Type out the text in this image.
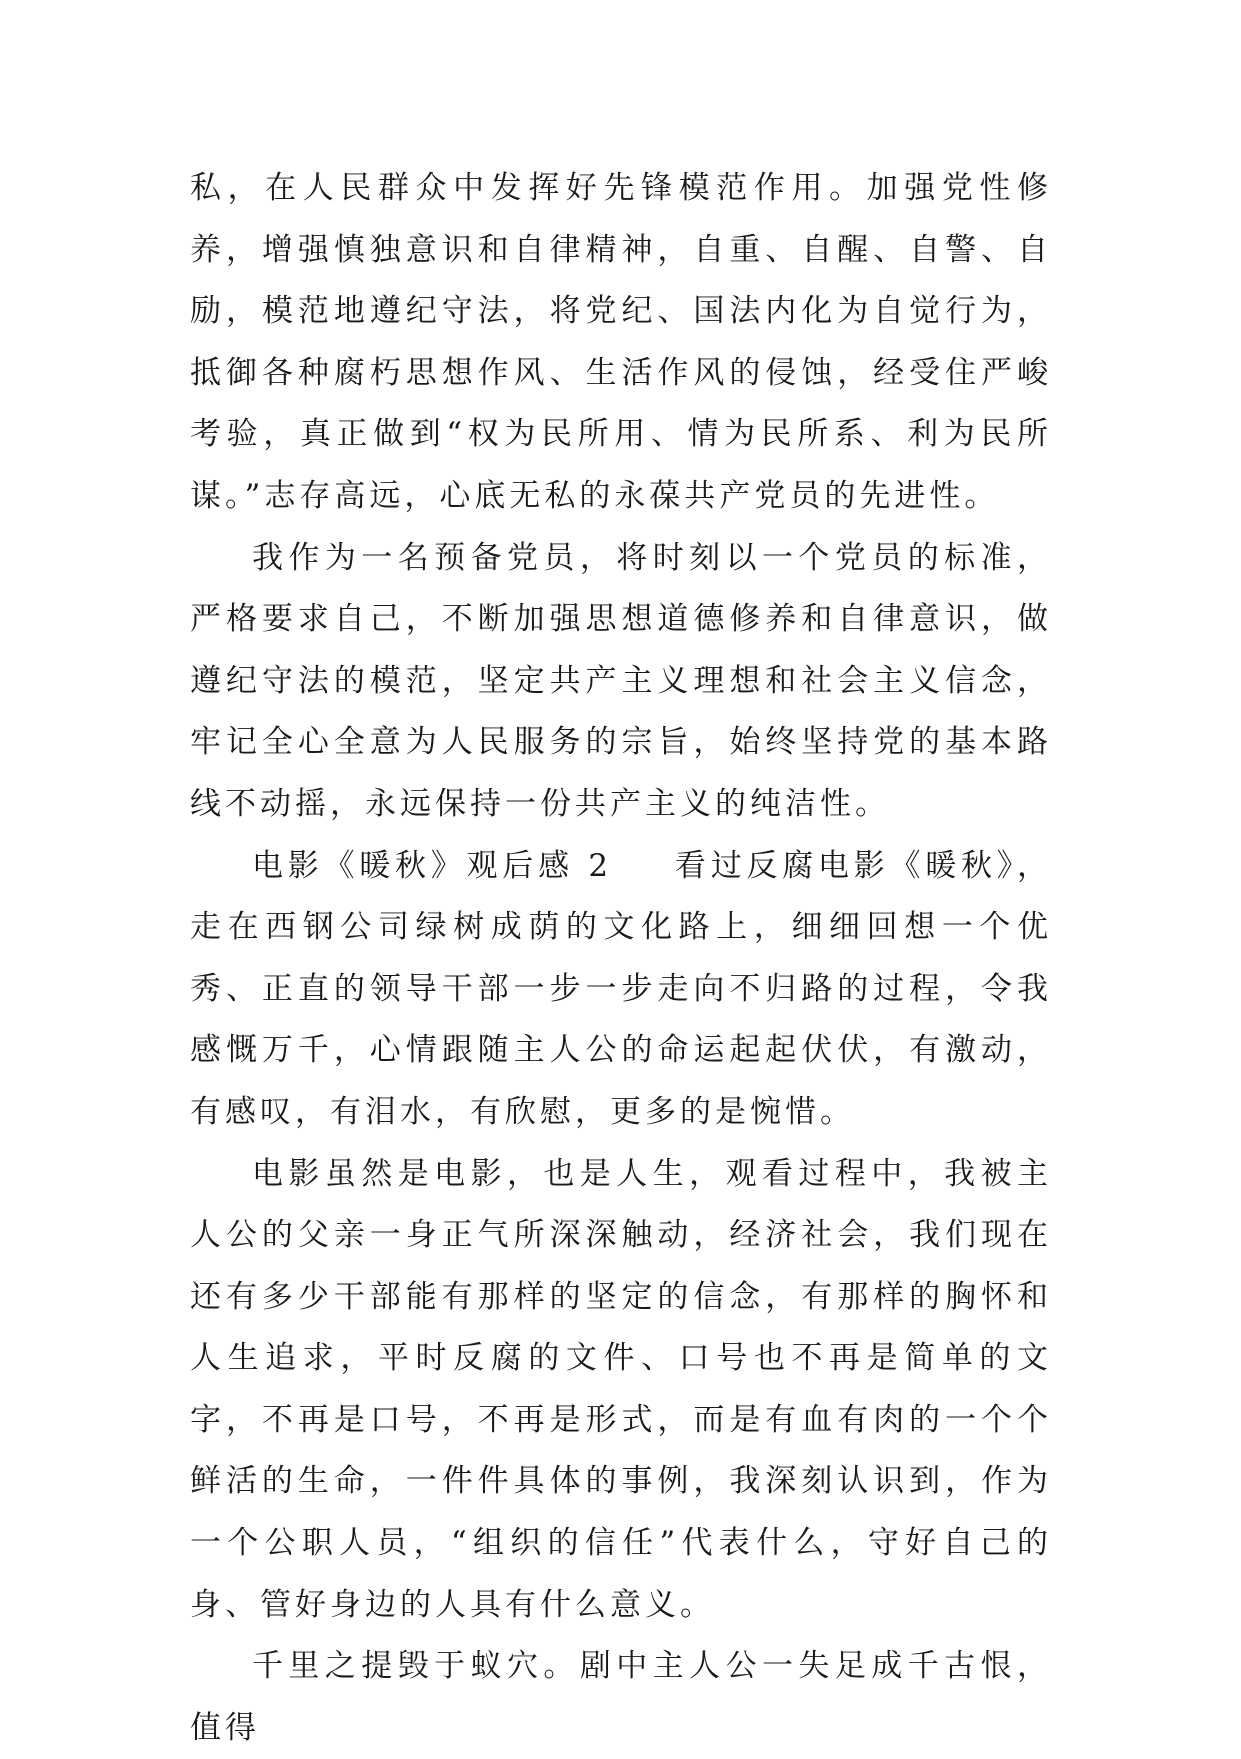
私，在人民群众中发挥好先锋模范作用。加强党性修养，增强慎独意识和自律精神，自重、自醒、自警、自励，模范地遵纪守法，将党纪、国法内化为自觉行为，抵御各种腐朽思想作风、生活作风的侵蚀，经受住严峻考验，真正做到“权为民所用、情为民所系、利为民所谋。”志存高远，心底无私的永葆共产党员的先进性。

我作为一名预备党员，将时刻以一个党员的标准，严格要求自己，不断加强思想道德修养和自律意识，做遵纪守法的模范，坚定共产主义理想和社会主义信念，牢记全心全意为人民服务的宗旨，始终坚持党的基本路线不动摇，永远保持一份共产主义的纯洁性。

电影《暖秋》观后感 2 看过反腐电影《暖秋》，走在西钢公司绿树成荫的文化路上，细细回想一个优秀、正直的领导干部一步一步走向不归路的过程，令我感慨万千，心情跟随主人公的命运起起伏伏，有激动，有感叹，有泪水，有欣慰，更多的是惋惜。

电影虽然是电影，也是人生，观看过程中，我被主人公的父亲一身正气所深深触动，经济社会，我们现在还有多少干部能有那样的坚定的信念，有那样的胸怀和人生追求，平时反腐的文件、口号也不再是简单的文字，不再是口号，不再是形式，而是有血有肉的一个个鲜活的生命，一件件具体的事例，我深刻认识到，作为一个公职人员，“组织的信任”代表什么，守好自己的身、管好身边的人具有什么意义。

千里之提毁于蚁穴。剧中主人公一失足成千古恨，值得
